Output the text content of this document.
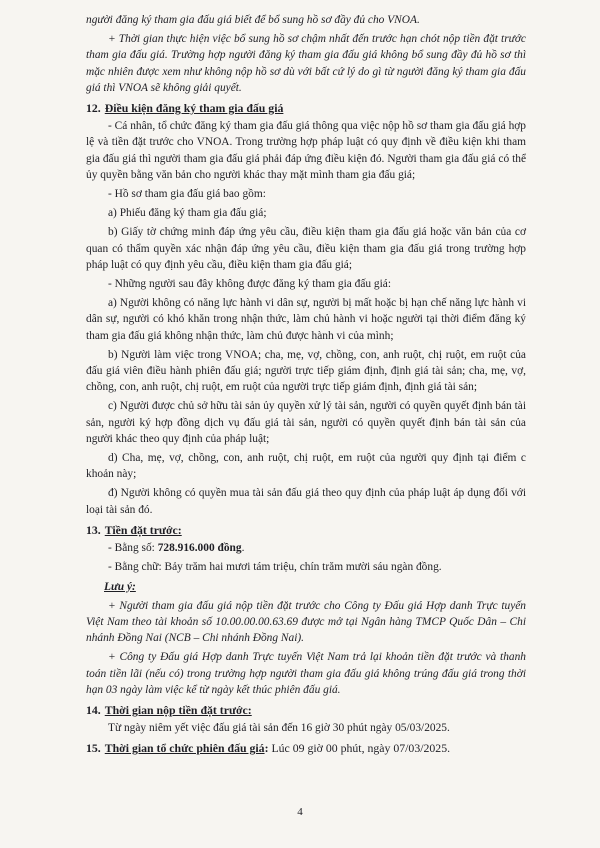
người đăng ký tham gia đấu giá biết để bổ sung hồ sơ đầy đủ cho VNOA.

+ Thời gian thực hiện việc bổ sung hồ sơ chậm nhất đến trước hạn chót nộp tiền đặt trước tham gia đấu giá. Trường hợp người đăng ký tham gia đấu giá không bổ sung đầy đủ hồ sơ thì mặc nhiên được xem như không nộp hồ sơ dù với bất cứ lý do gì từ người đăng ký tham gia đấu giá thì VNOA sẽ không giải quyết.

12. Điều kiện đăng ký tham gia đấu giá

- Cá nhân, tổ chức đăng ký tham gia đấu giá thông qua việc nộp hồ sơ tham gia đấu giá hợp lệ và tiền đặt trước cho VNOA. Trong trường hợp pháp luật có quy định về điều kiện khi tham gia đấu giá thì người tham gia đấu giá phải đáp ứng điều kiện đó. Người tham gia đấu giá có thể ủy quyền bằng văn bản cho người khác thay mặt mình tham gia đấu giá;

- Hồ sơ tham gia đấu giá bao gồm:

a) Phiếu đăng ký tham gia đấu giá;

b) Giấy tờ chứng minh đáp ứng yêu cầu, điều kiện tham gia đấu giá hoặc văn bản của cơ quan có thẩm quyền xác nhận đáp ứng yêu cầu, điều kiện tham gia đấu giá trong trường hợp pháp luật có quy định yêu cầu, điều kiện tham gia đấu giá;

- Những người sau đây không được đăng ký tham gia đấu giá:

a) Người không có năng lực hành vi dân sự, người bị mất hoặc bị hạn chế năng lực hành vi dân sự, người có khó khăn trong nhận thức, làm chủ hành vi hoặc người tại thời điểm đăng ký tham gia đấu giá không nhận thức, làm chủ được hành vi của mình;

b) Người làm việc trong VNOA; cha, mẹ, vợ, chồng, con, anh ruột, chị ruột, em ruột của đấu giá viên điều hành phiên đấu giá; người trực tiếp giám định, định giá tài sản; cha, mẹ, vợ, chồng, con, anh ruột, chị ruột, em ruột của người trực tiếp giám định, định giá tài sản;

c) Người được chủ sở hữu tài sản ủy quyền xử lý tài sản, người có quyền quyết định bán tài sản, người ký hợp đồng dịch vụ đấu giá tài sản, người có quyền quyết định bán tài sản của người khác theo quy định của pháp luật;

d) Cha, mẹ, vợ, chồng, con, anh ruột, chị ruột, em ruột của người quy định tại điểm c khoản này;

đ) Người không có quyền mua tài sản đấu giá theo quy định của pháp luật áp dụng đối với loại tài sản đó.

13. Tiền đặt trước:

- Bằng số: 728.916.000 đồng.

- Bằng chữ: Bảy trăm hai mươi tám triệu, chín trăm mười sáu ngàn đồng.

Lưu ý:

+ Người tham gia đấu giá nộp tiền đặt trước cho Công ty Đấu giá Hợp danh Trực tuyến Việt Nam theo tài khoản số 10.00.00.00.63.69 được mở tại Ngân hàng TMCP Quốc Dân – Chi nhánh Đồng Nai (NCB – Chi nhánh Đồng Nai).

+ Công ty Đấu giá Hợp danh Trực tuyến Việt Nam trả lại khoản tiền đặt trước và thanh toán tiền lãi (nếu có) trong trường hợp người tham gia đấu giá không trúng đấu giá trong thời hạn 03 ngày làm việc kể từ ngày kết thúc phiên đấu giá.

14. Thời gian nộp tiền đặt trước:

Từ ngày niêm yết việc đấu giá tài sản đến 16 giờ 30 phút ngày 05/03/2025.

15. Thời gian tổ chức phiên đấu giá: Lúc 09 giờ 00 phút, ngày 07/03/2025.
4
